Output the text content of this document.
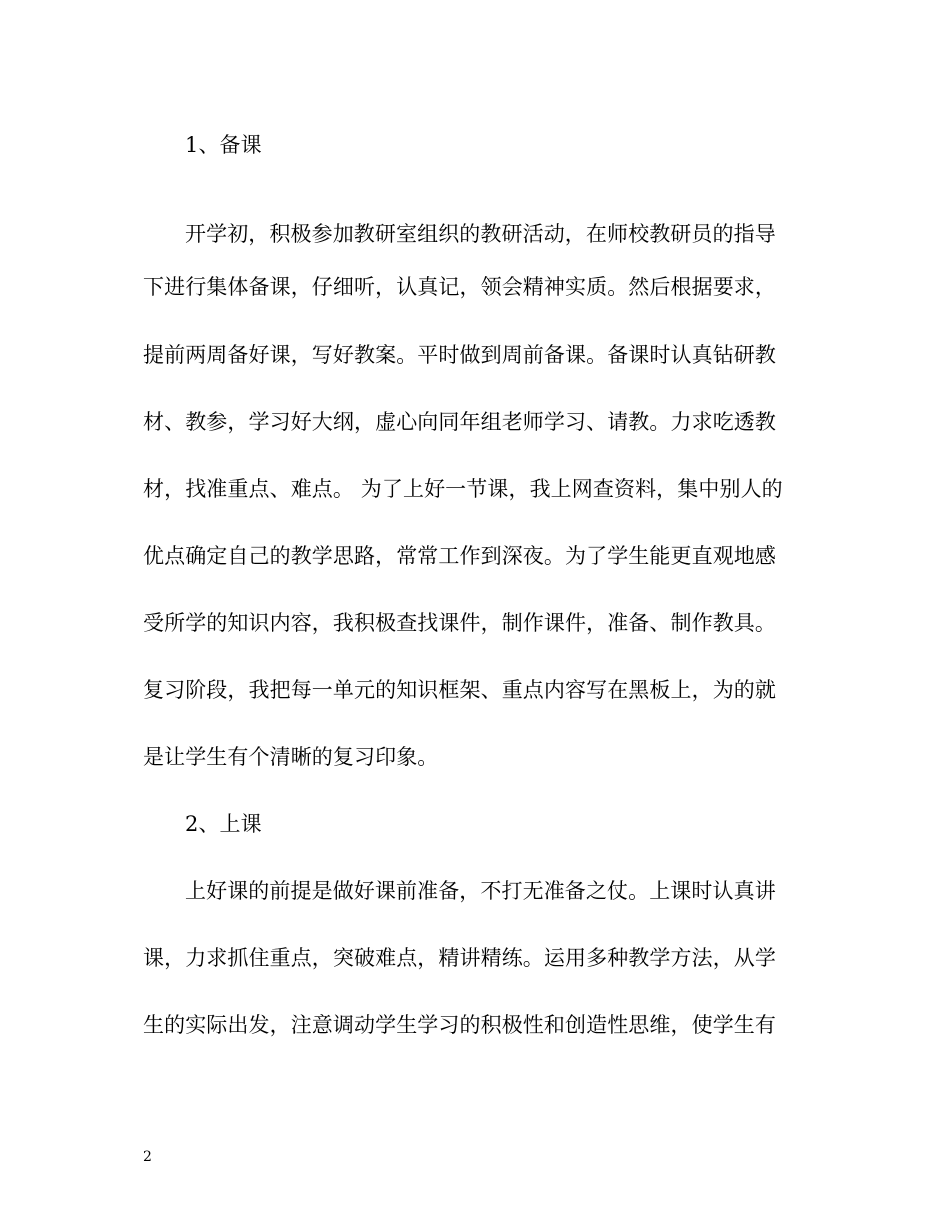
1、备课
开学初，积极参加教研室组织的教研活动，在师校教研员的指导
下进行集体备课，仔细听，认真记，领会精神实质。然后根据要求，
提前两周备好课，写好教案。平时做到周前备课。备课时认真钻研教
材、教参，学习好大纲，虚心向同年组老师学习、请教。力求吃透教
材，找准重点、难点。 为了上好一节课，我上网查资料，集中别人的
优点确定自己的教学思路，常常工作到深夜。为了学生能更直观地感
受所学的知识内容，我积极查找课件，制作课件，准备、制作教具。
复习阶段，我把每一单元的知识框架、重点内容写在黑板上，为的就
是让学生有个清晰的复习印象。
2、上课
上好课的前提是做好课前准备，不打无准备之仗。上课时认真讲
课，力求抓住重点，突破难点，精讲精练。运用多种教学方法，从学
生的实际出发，注意调动学生学习的积极性和创造性思维，使学生有
2
